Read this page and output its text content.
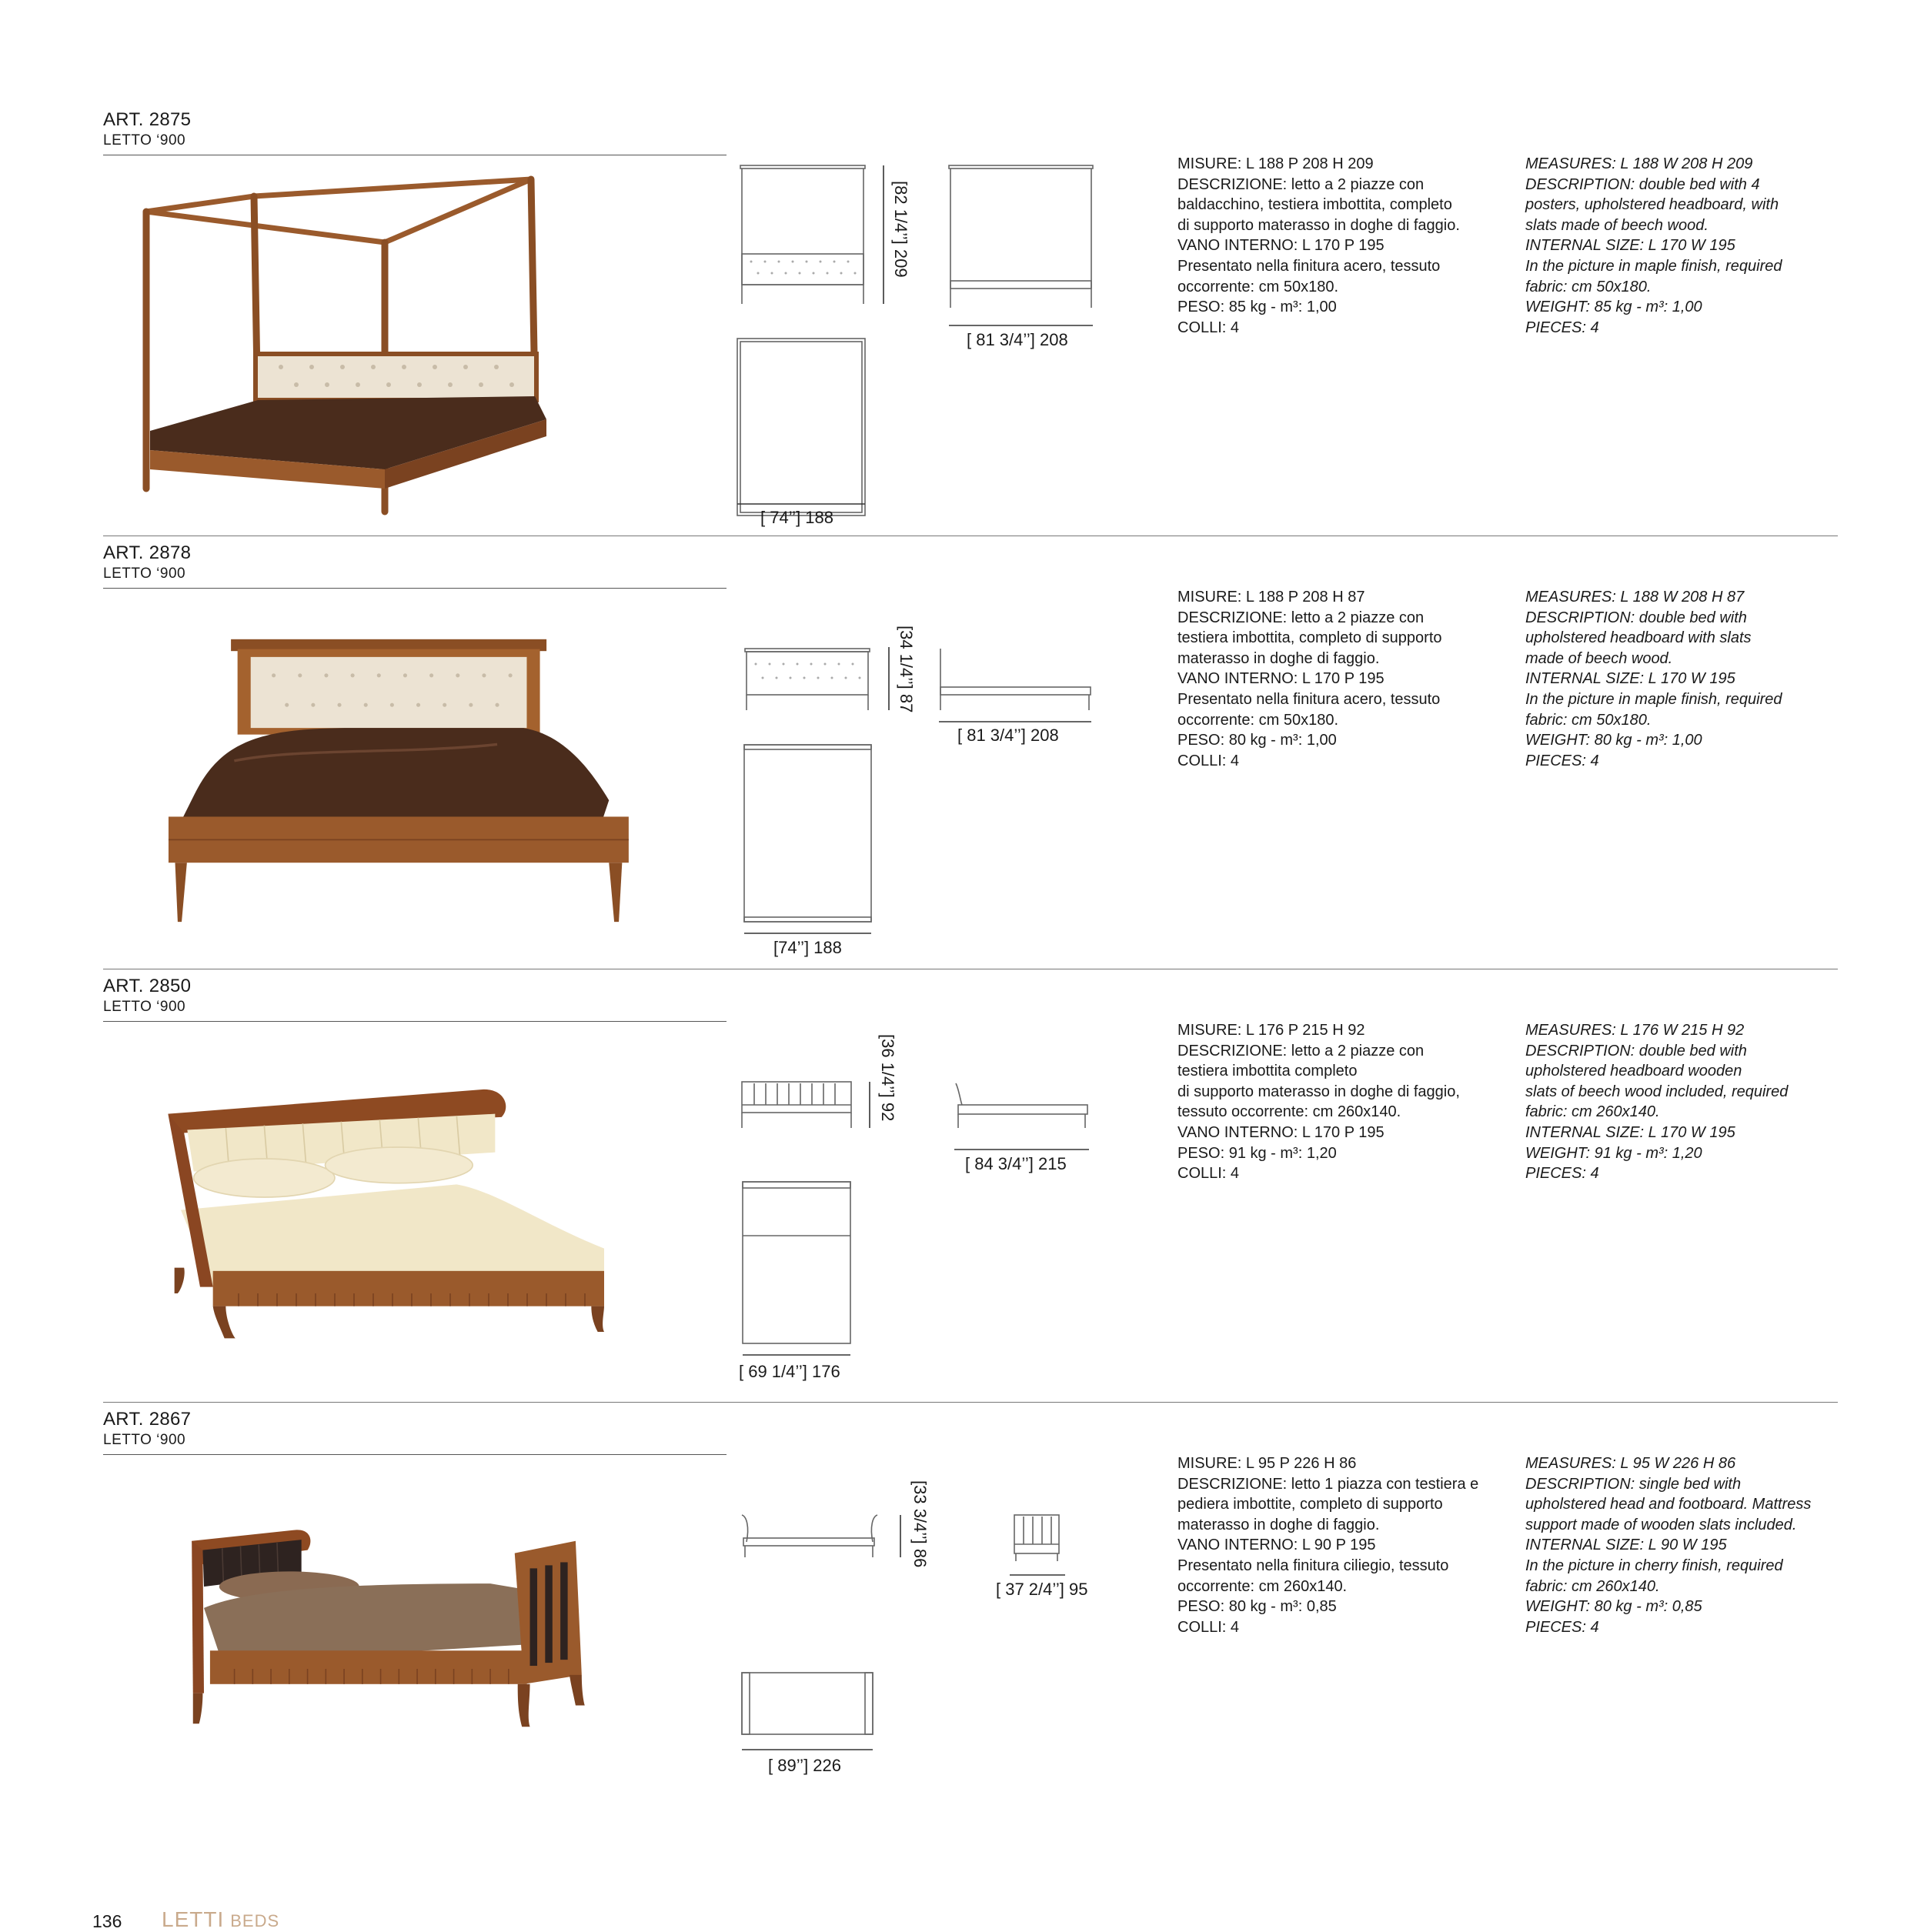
ART. 2875
LETTO ‘900
[82 1/4’’] 209
[ 81 3/4’’] 208
[ 74’’] 188
MISURE: L 188 P 208 H 209
DESCRIZIONE: letto a 2 piazze con
baldacchino, testiera imbottita, completo
di supporto materasso in doghe di faggio.
VANO INTERNO: L 170 P 195
Presentato nella finitura acero, tessuto
occorrente: cm 50x180.
PESO: 85 kg - m³: 1,00
COLLI: 4
MEASURES: L 188 W 208 H 209
DESCRIPTION: double bed with 4
posters, upholstered headboard, with
slats made of beech wood.
INTERNAL SIZE: L 170 W 195
In the picture in maple finish, required
fabric: cm 50x180.
WEIGHT: 85 kg - m³: 1,00
PIECES: 4
ART. 2878
LETTO ‘900
[34 1/4’’] 87
[ 81 3/4’’] 208
[74’’] 188
MISURE: L 188 P 208 H 87
DESCRIZIONE: letto a 2 piazze con
testiera imbottita, completo di supporto
materasso in doghe di faggio.
VANO INTERNO: L 170 P 195
Presentato nella finitura acero, tessuto
occorrente: cm 50x180.
PESO: 80 kg - m³: 1,00
COLLI: 4
MEASURES: L 188 W 208 H 87
DESCRIPTION: double bed with
upholstered headboard with slats
made of beech wood.
INTERNAL SIZE: L 170 W 195
In the picture in maple finish, required
fabric: cm 50x180.
WEIGHT: 80 kg - m³: 1,00
PIECES: 4
ART. 2850
LETTO ‘900
[36 1/4’’] 92
[ 84 3/4’’] 215
[ 69 1/4’’] 176
MISURE: L 176 P 215 H 92
DESCRIZIONE: letto a 2 piazze con
testiera imbottita completo
di supporto materasso in doghe di faggio,
tessuto occorrente: cm 260x140.
VANO INTERNO: L 170 P 195
PESO: 91 kg - m³: 1,20
COLLI: 4
MEASURES: L 176 W 215 H 92
DESCRIPTION: double bed with
upholstered headboard wooden
slats of beech wood included, required
fabric: cm 260x140.
INTERNAL SIZE: L 170 W 195
WEIGHT: 91 kg - m³: 1,20
PIECES: 4
ART. 2867
LETTO ‘900
[33 3/4’’] 86
[ 37 2/4’’] 95
[ 89’’] 226
MISURE: L 95 P 226 H 86
DESCRIZIONE: letto 1 piazza con testiera e
pediera imbottite, completo di supporto
materasso in doghe di faggio.
VANO INTERNO: L 90 P 195
Presentato nella finitura ciliegio, tessuto
occorrente: cm 260x140.
PESO: 80 kg - m³: 0,85
COLLI: 4
MEASURES: L 95 W 226 H 86
DESCRIPTION: single bed with
upholstered head and footboard. Mattress
support made of wooden slats included.
INTERNAL SIZE: L 90 W 195
In the picture in cherry finish, required
fabric: cm 260x140.
WEIGHT: 80 kg - m³: 0,85
PIECES: 4
136 LETTI BEDS
